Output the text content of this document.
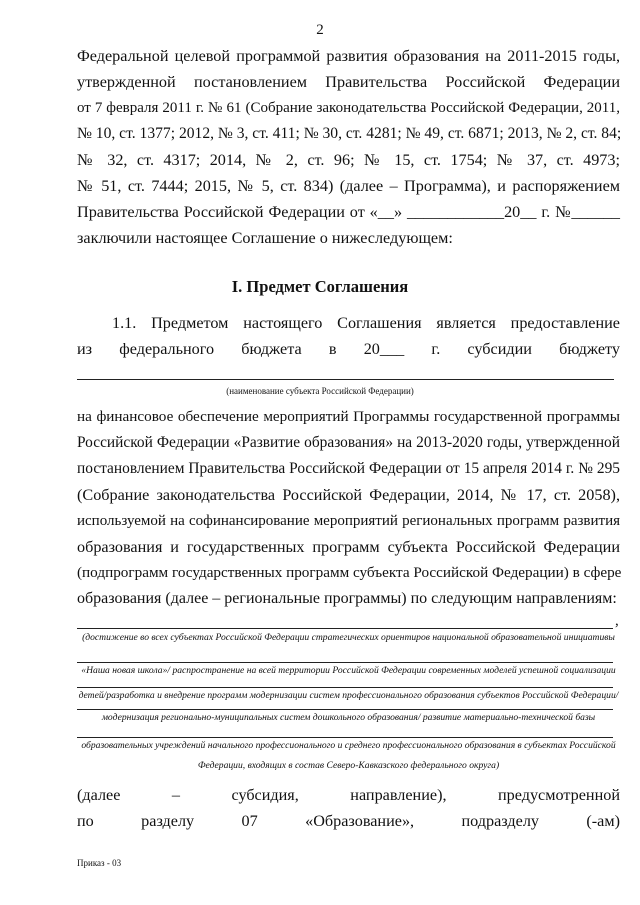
2
Федеральной целевой программой развития образования на 2011-2015 годы,
утвержденной постановлением Правительства Российской Федерации
от 7 февраля 2011 г. № 61 (Собрание законодательства Российской Федерации, 2011,
№ 10, ст. 1377; 2012, № 3, ст. 411; № 30, ст. 4281; № 49, ст. 6871; 2013, № 2, ст. 84;
№ 32, ст. 4317; 2014, № 2, ст. 96; № 15, ст. 1754; № 37, ст. 4973;
№ 51, ст. 7444; 2015, № 5, ст. 834) (далее – Программа), и распоряжением
Правительства Российской Федерации от «__» ____________20__ г. №______
заключили настоящее Соглашение о нижеследующем:
I. Предмет Соглашения
1.1. Предметом настоящего Соглашения является предоставление
из федерального бюджета в 20___ г. субсидии бюджету
(наименование субъекта Российской Федерации)
на финансовое обеспечение мероприятий Программы государственной программы
Российской Федерации «Развитие образования» на 2013-2020 годы, утвержденной
постановлением Правительства Российской Федерации от 15 апреля 2014 г. № 295
(Собрание законодательства Российской Федерации, 2014, № 17, ст. 2058),
используемой на софинансирование мероприятий региональных программ развития
образования и государственных программ субъекта Российской Федерации
(подпрограмм государственных программ субъекта Российской Федерации) в сфере
образования (далее – региональные программы) по следующим направлениям:
,
(достижение во всех субъектах Российской Федерации стратегических ориентиров национальной образовательной инициативы
«Наша новая школа»/ распространение на всей территории Российской Федерации современных моделей успешной социализации
детей/разработка и внедрение программ модернизации систем профессионального образования субъектов Российской Федерации/
модернизация регионально-муниципальных систем дошкольного образования/ развитие материально-технической базы
образовательных учреждений начального профессионального и среднего профессионального образования в субъектах Российской
Федерации, входящих в состав Северо-Кавказского федерального округа)
(далее – субсидия, направление), предусмотренной
по разделу 07 «Образование», подразделу (-ам)
Приказ - 03
